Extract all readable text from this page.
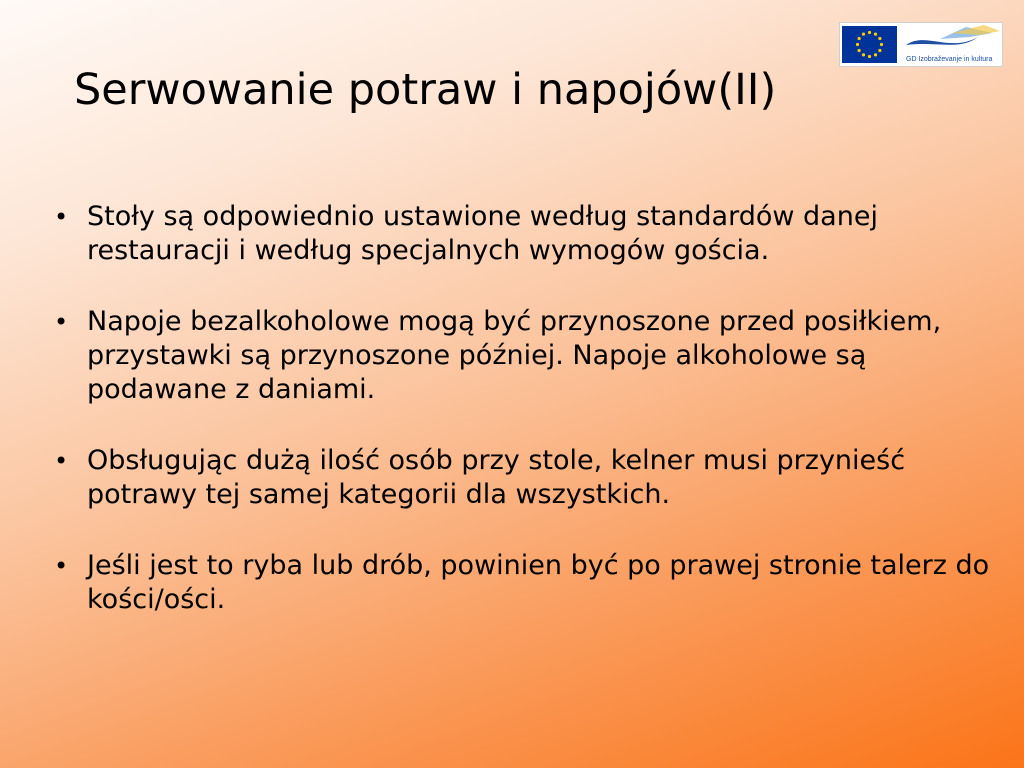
GD Izobraževanje in kultura
Serwowanie potraw i napojów(II)
• Stoły są odpowiednio ustawione według standardów danej restauracji i według specjalnych wymogów gościa.
• Napoje bezalkoholowe mogą być przynoszone przed posiłkiem, przystawki są przynoszone później. Napoje alkoholowe są podawane z daniami.
• Obsługując dużą ilość osób przy stole, kelner musi przynieść potrawy tej samej kategorii dla wszystkich.
• Jeśli jest to ryba lub drób, powinien być po prawej stronie talerz do kości/ości.
